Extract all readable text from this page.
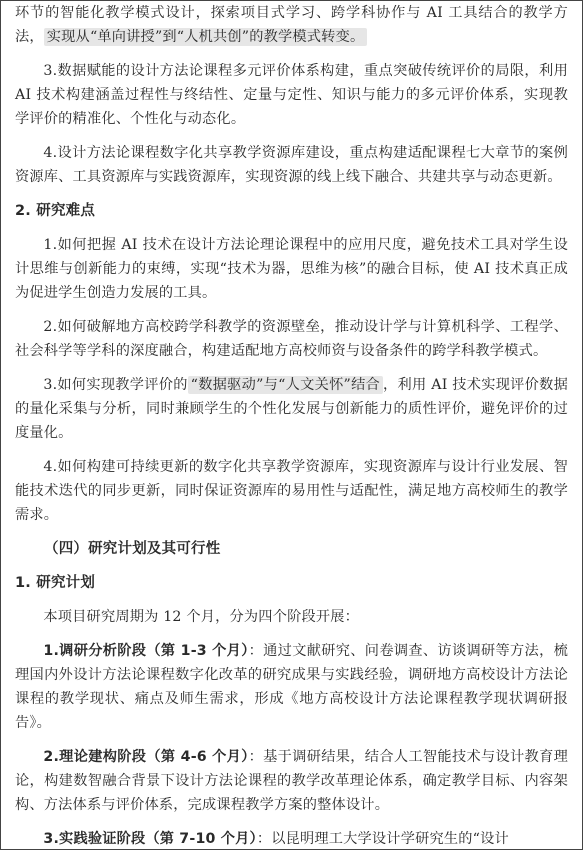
环节的智能化教学模式设计，探索项目式学习、跨学科协作与 AI 工具结合的教学方法， 实现从“单向讲授”到“人机共创”的教学模式转变。

3.数据赋能的设计方法论课程多元评价体系构建，重点突破传统评价的局限，利用 AI 技术构建涵盖过程性与终结性、定量与定性、知识与能力的多元评价体系，实现教学评价的精准化、个性化与动态化。

4.设计方法论课程数字化共享教学资源库建设，重点构建适配课程七大章节的案例资源库、工具资源库与实践资源库，实现资源的线上线下融合、共建共享与动态更新。

2. 研究难点

1.如何把握 AI 技术在设计方法论理论课程中的应用尺度，避免技术工具对学生设计思维与创新能力的束缚，实现“技术为器，思维为核”的融合目标，使 AI 技术真正成为促进学生创造力发展的工具。

2.如何破解地方高校跨学科教学的资源壁垒，推动设计学与计算机科学、工程学、社会科学等学科的深度融合，构建适配地方高校师资与设备条件的跨学科教学模式。

3.如何实现教学评价的 “数据驱动”与“人文关怀”结合 ，利用 AI 技术实现评价数据的量化采集与分析，同时兼顾学生的个性化发展与创新能力的质性评价，避免评价的过度量化。

4.如何构建可持续更新的数字化共享教学资源库，实现资源库与设计行业发展、智能技术迭代的同步更新，同时保证资源库的易用性与适配性，满足地方高校师生的教学需求。

（四）研究计划及其可行性

1. 研究计划

本项目研究周期为 12 个月，分为四个阶段开展：

1.调研分析阶段（第 1-3 个月）：通过文献研究、问卷调查、访谈调研等方法，梳理国内外设计方法论课程数字化改革的研究成果与实践经验，调研地方高校设计方法论课程的教学现状、痛点及师生需求，形成《地方高校设计方法论课程教学现状调研报告》。

2.理论建构阶段（第 4-6 个月）：基于调研结果，结合人工智能技术与设计教育理论，构建数智融合背景下设计方法论课程的教学改革理论体系，确定教学目标、内容架构、方法体系与评价体系，完成课程教学方案的整体设计。

3.实践验证阶段（第 7-10 个月）：以昆明理工大学设计学研究生的“设计
